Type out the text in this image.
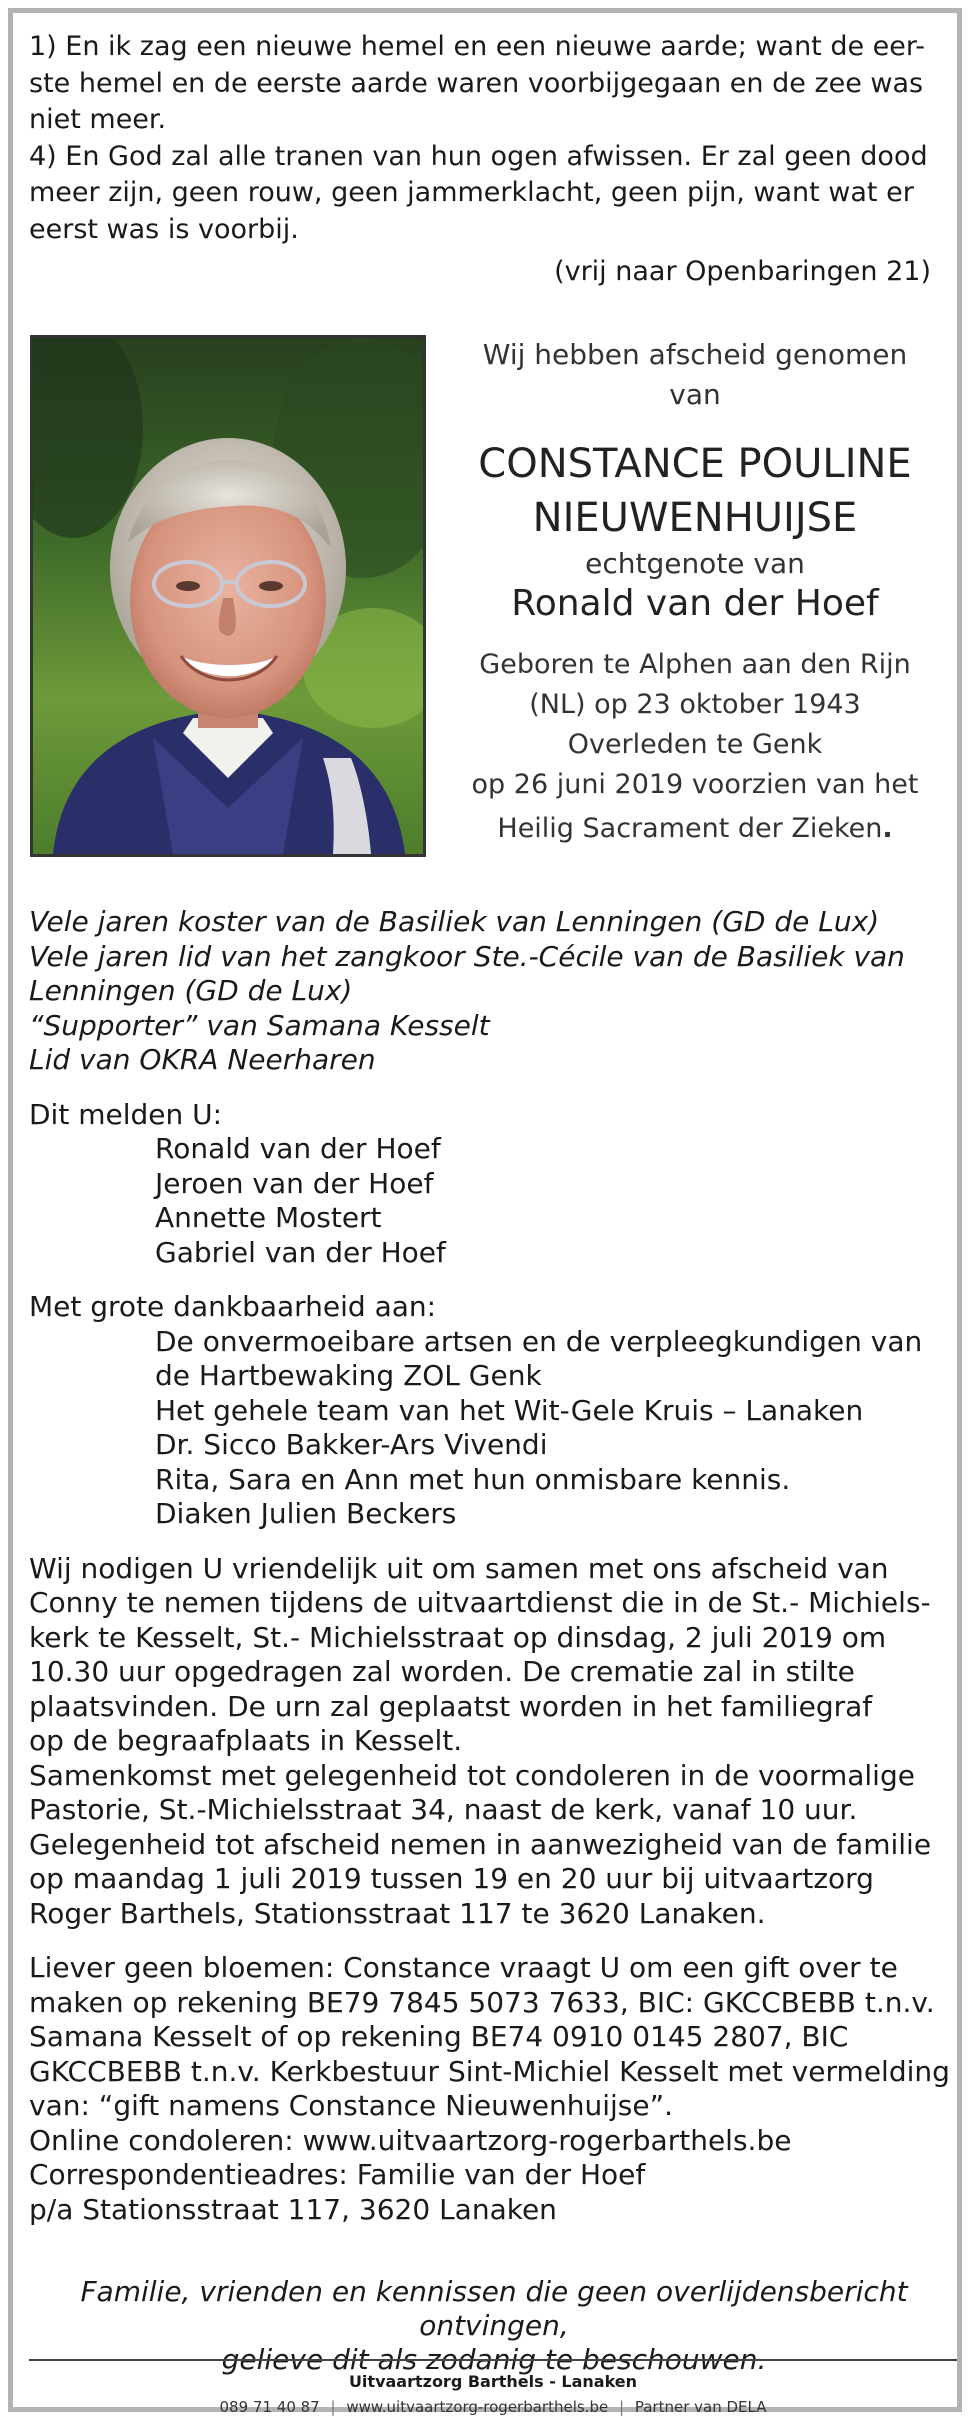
1) En ik zag een nieuwe hemel en een nieuwe aarde; want de eer-

ste hemel en de eerste aarde waren voorbijgegaan en de zee was

niet meer.

4) En God zal alle tranen van hun ogen afwissen. Er zal geen dood

meer zijn, geen rouw, geen jammerklacht, geen pijn, want wat er

eerst was is voorbij.

(vrij naar Openbaringen 21)

Wij hebben afscheid genomen
van
CONSTANCE POULINE
NIEUWENHUIJSE
echtgenote van
Ronald van der Hoef
Geboren te Alphen aan den Rijn
(NL) op 23 oktober 1943
Overleden te Genk
op 26 juni 2019 voorzien van het
Heilig Sacrament der Zieken.

Vele jaren koster van de Basiliek van Lenningen (GD de Lux)

Vele jaren lid van het zangkoor Ste.-Cécile van de Basiliek van

Lenningen (GD de Lux)

“Supporter” van Samana Kesselt

Lid van OKRA Neerharen

Dit melden U:

Ronald van der Hoef

Jeroen van der Hoef

Annette Mostert

Gabriel van der Hoef

Met grote dankbaarheid aan:

De onvermoeibare artsen en de verpleegkundigen van

de Hartbewaking ZOL Genk

Het gehele team van het Wit-Gele Kruis – Lanaken

Dr. Sicco Bakker-Ars Vivendi

Rita, Sara en Ann met hun onmisbare kennis.

Diaken Julien Beckers

Wij nodigen U vriendelijk uit om samen met ons afscheid van

Conny te nemen tijdens de uitvaartdienst die in de St.- Michiels-

kerk te Kesselt, St.- Michielsstraat op dinsdag, 2 juli 2019 om

10.30 uur opgedragen zal worden. De crematie zal in stilte

plaatsvinden. De urn zal geplaatst worden in het familiegraf

op de begraafplaats in Kesselt.

Samenkomst met gelegenheid tot condoleren in de voormalige

Pastorie, St.-Michielsstraat 34, naast de kerk, vanaf 10 uur.

Gelegenheid tot afscheid nemen in aanwezigheid van de familie

op maandag 1 juli 2019 tussen 19 en 20 uur bij uitvaartzorg

Roger Barthels, Stationsstraat 117 te 3620 Lanaken.

Liever geen bloemen: Constance vraagt U om een gift over te

maken op rekening BE79 7845 5073 7633, BIC: GKCCBEBB t.n.v.

Samana Kesselt of op rekening BE74 0910 0145 2807, BIC

GKCCBEBB t.n.v. Kerkbestuur Sint-Michiel Kesselt met vermelding

van: “gift namens Constance Nieuwenhuijse”.

Online condoleren: www.uitvaartzorg-rogerbarthels.be

Correspondentieadres: Familie van der Hoef

p/a Stationsstraat 117, 3620 Lanaken

Familie, vrienden en kennissen die geen overlijdensbericht ontvingen,
gelieve dit als zodanig te beschouwen.
Uitvaartzorg Barthels - Lanaken
089 71 40 87 | www.uitvaartzorg-rogerbarthels.be | Partner van DELA
